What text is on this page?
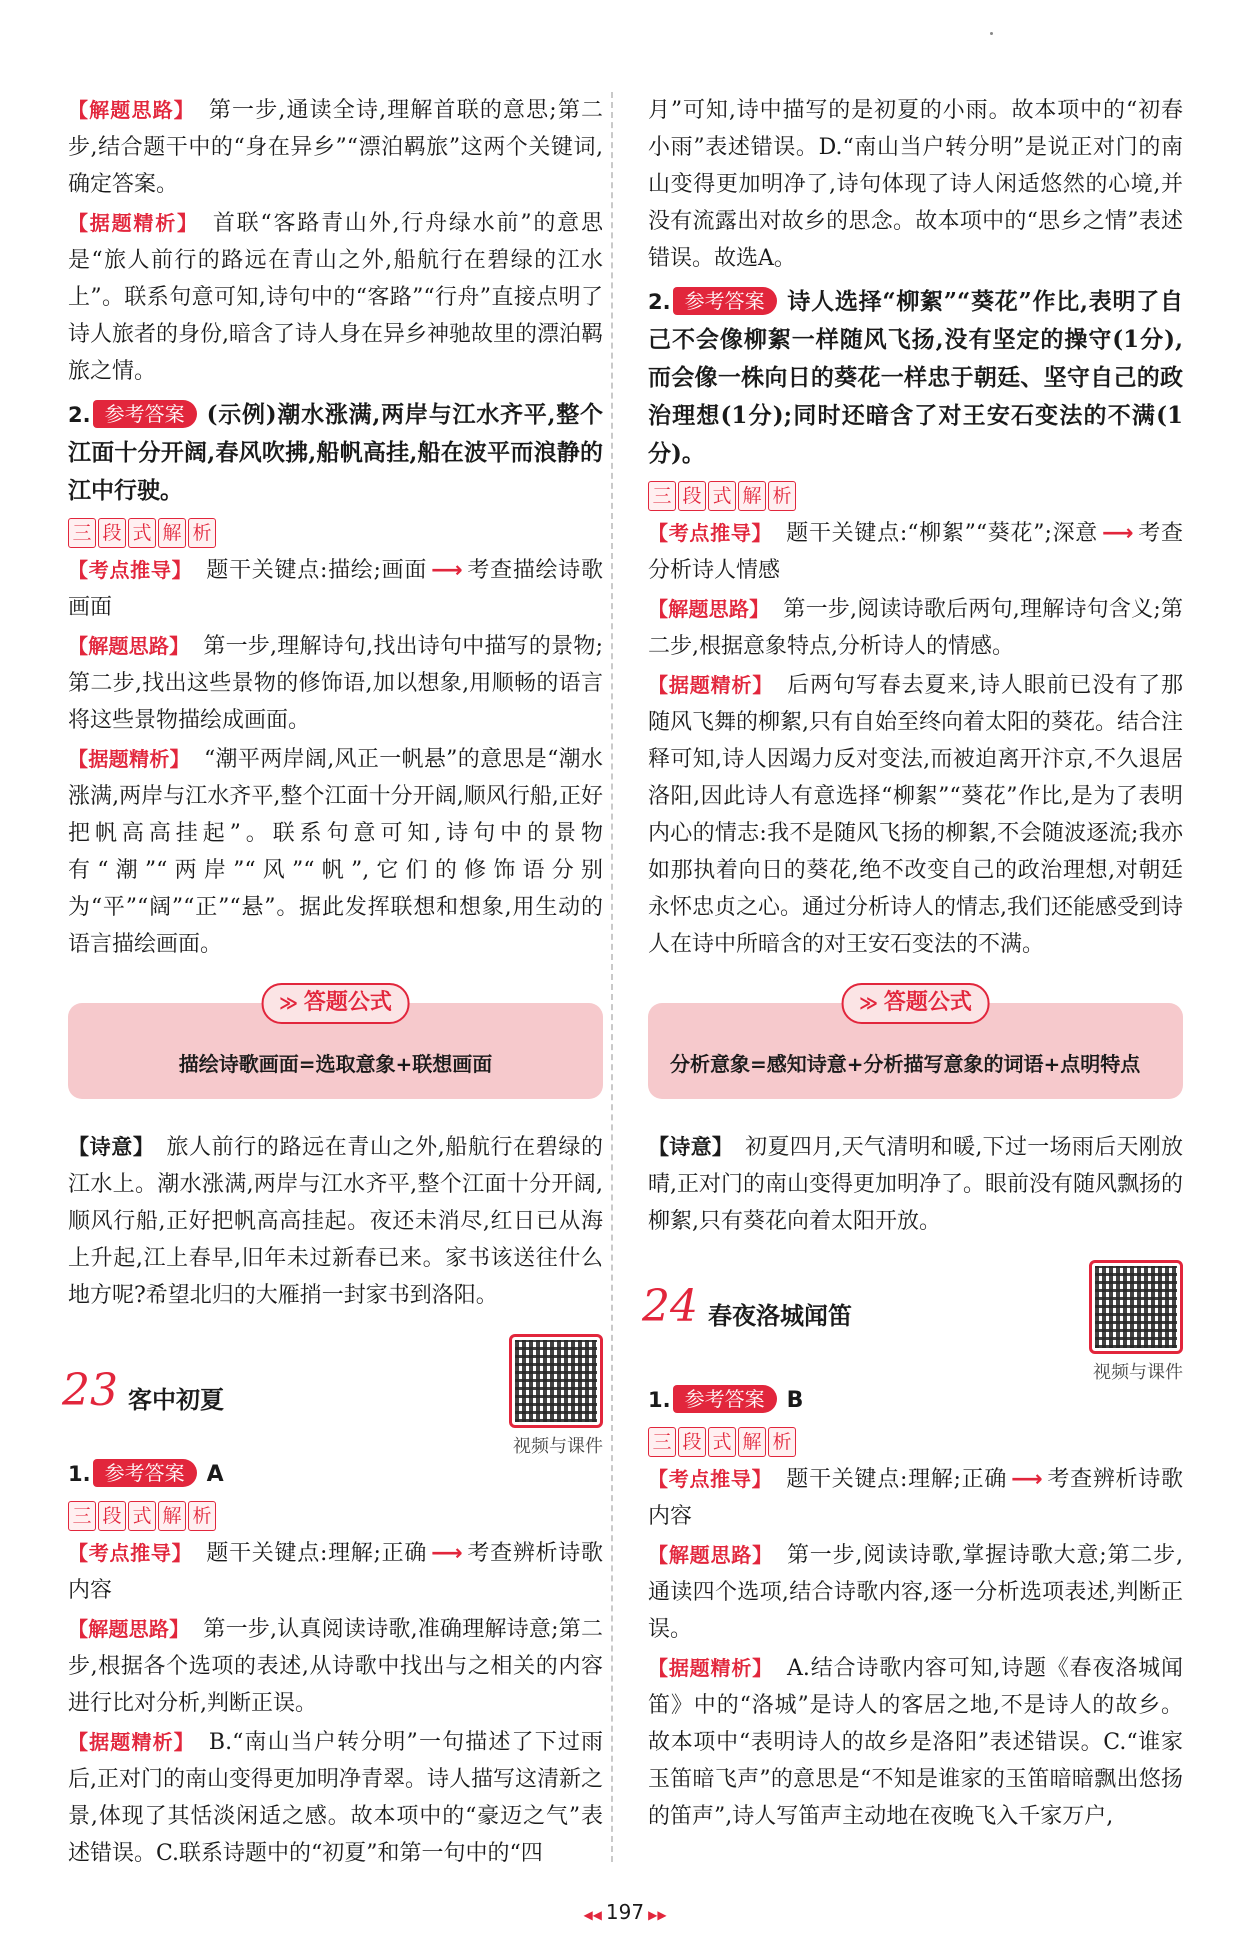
【解题思路】 第一步,通读全诗,理解首联的意思;第二步,结合题干中的“身在异乡”“漂泊羁旅”这两个关键词,确定答案。

【据题精析】 首联“客路青山外,行舟绿水前”的意思是“旅人前行的路远在青山之外,船航行在碧绿的江水上”。联系句意可知,诗句中的“客路”“行舟”直接点明了诗人旅者的身份,暗含了诗人身在异乡神驰故里的漂泊羁旅之情。

2. 参考答案 (示例)潮水涨满,两岸与江水齐平,整个江面十分开阔,春风吹拂,船帆高挂,船在波平而浪静的江中行驶。

三 段 式 解 析

【考点推导】 题干关键点:描绘;画面 ⟶ 考查描绘诗歌画面

【解题思路】 第一步,理解诗句,找出诗句中描写的景物;第二步,找出这些景物的修饰语,加以想象,用顺畅的语言将这些景物描绘成画面。

【据题精析】 “潮平两岸阔,风正一帆悬”的意思是“潮水涨满,两岸与江水齐平,整个江面十分开阔,顺风行船,正好把帆高高挂起”。联系句意可知,诗句中的景物有“潮”“两岸”“风”“帆”,它们的修饰语分别为“平”“阔”“正”“悬”。据此发挥联想和想象,用生动的语言描绘画面。

≫ 答题公式

描绘诗歌画面=选取意象+联想画面

【诗意】 旅人前行的路远在青山之外,船航行在碧绿的江水上。潮水涨满,两岸与江水齐平,整个江面十分开阔,顺风行船,正好把帆高高挂起。夜还未消尽,红日已从海上升起,江上春早,旧年未过新春已来。家书该送往什么地方呢?希望北归的大雁捎一封家书到洛阳。

23 客中初夏
视频与课件

1. 参考答案 A

三 段 式 解 析

【考点推导】 题干关键点:理解;正确 ⟶ 考查辨析诗歌内容

【解题思路】 第一步,认真阅读诗歌,准确理解诗意;第二步,根据各个选项的表述,从诗歌中找出与之相关的内容进行比对分析,判断正误。

【据题精析】 B.“南山当户转分明”一句描述了下过雨后,正对门的南山变得更加明净青翠。诗人描写这清新之景,体现了其恬淡闲适之感。故本项中的“豪迈之气”表述错误。C.联系诗题中的“初夏”和第一句中的“四

月”可知,诗中描写的是初夏的小雨。故本项中的“初春小雨”表述错误。D.“南山当户转分明”是说正对门的南山变得更加明净了,诗句体现了诗人闲适悠然的心境,并没有流露出对故乡的思念。故本项中的“思乡之情”表述错误。故选A。

2. 参考答案 诗人选择“柳絮”“葵花”作比,表明了自己不会像柳絮一样随风飞扬,没有坚定的操守(1分),而会像一株向日的葵花一样忠于朝廷、坚守自己的政治理想(1分);同时还暗含了对王安石变法的不满(1分)。

三 段 式 解 析

【考点推导】 题干关键点:“柳絮”“葵花”;深意 ⟶ 考查分析诗人情感

【解题思路】 第一步,阅读诗歌后两句,理解诗句含义;第二步,根据意象特点,分析诗人的情感。

【据题精析】 后两句写春去夏来,诗人眼前已没有了那随风飞舞的柳絮,只有自始至终向着太阳的葵花。结合注释可知,诗人因竭力反对变法,而被迫离开汴京,不久退居洛阳,因此诗人有意选择“柳絮”“葵花”作比,是为了表明内心的情志:我不是随风飞扬的柳絮,不会随波逐流;我亦如那执着向日的葵花,绝不改变自己的政治理想,对朝廷永怀忠贞之心。通过分析诗人的情志,我们还能感受到诗人在诗中所暗含的对王安石变法的不满。

≫ 答题公式

分析意象=感知诗意+分析描写意象的词语+点明特点

【诗意】 初夏四月,天气清明和暖,下过一场雨后天刚放晴,正对门的南山变得更加明净了。眼前没有随风飘扬的柳絮,只有葵花向着太阳开放。

24 春夜洛城闻笛
视频与课件

1. 参考答案 B

三 段 式 解 析

【考点推导】 题干关键点:理解;正确 ⟶ 考查辨析诗歌内容

【解题思路】 第一步,阅读诗歌,掌握诗歌大意;第二步,通读四个选项,结合诗歌内容,逐一分析选项表述,判断正误。

【据题精析】 A.结合诗歌内容可知,诗题《春夜洛城闻笛》中的“洛城”是诗人的客居之地,不是诗人的故乡。故本项中“表明诗人的故乡是洛阳”表述错误。C.“谁家玉笛暗飞声”的意思是“不知是谁家的玉笛暗暗飘出悠扬的笛声”,诗人写笛声主动地在夜晚飞入千家万户,

◀◀ 197 ▶▶
